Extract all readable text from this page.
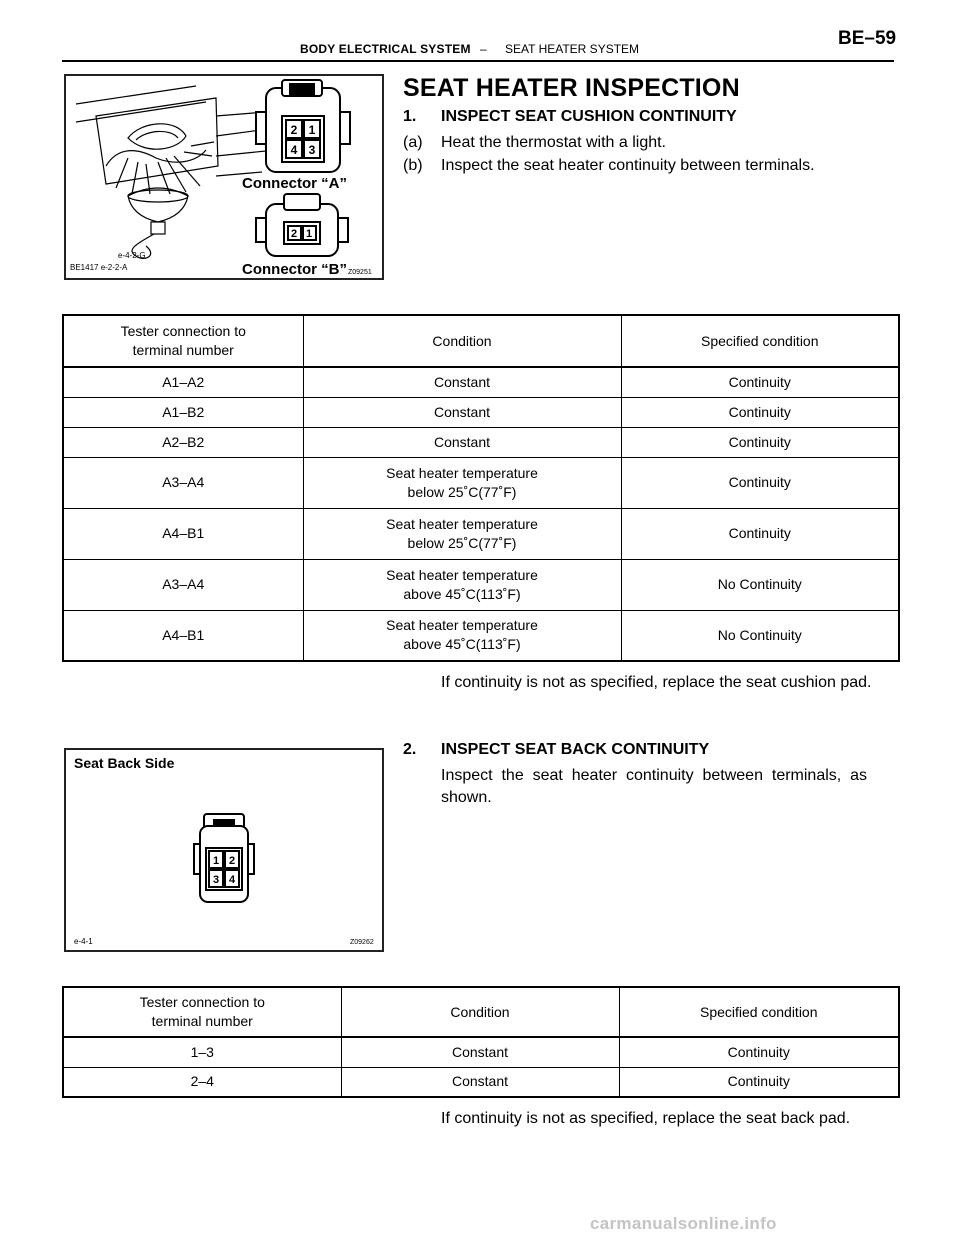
BODY ELECTRICAL SYSTEM – SEAT HEATER SYSTEM	BE–59
2 1
4 3
Connector “A”
2 1
Connector “B”
e-4-2-G
BE1417 e-2-2-A
Z09251
SEAT HEATER INSPECTION
1. INSPECT SEAT CUSHION CONTINUITY
(a) Heat the thermostat with a light.
(b) Inspect the seat heater continuity between terminals.
Tester connection to
terminal number	Condition	Specified condition
A1–A2	Constant	Continuity
A1–B2	Constant	Continuity
A2–B2	Constant	Continuity
A3–A4	Seat heater temperature
below 25˚C(77˚F)	Continuity
A4–B1	Seat heater temperature
below 25˚C(77˚F)	Continuity
A3–A4	Seat heater temperature
above 45˚C(113˚F)	No Continuity
A4–B1	Seat heater temperature
above 45˚C(113˚F)	No Continuity
If continuity is not as specified, replace the seat cushion pad.
Seat Back Side
1 2
3 4
e-4-1	Z09262
2. INSPECT SEAT BACK CONTINUITY
Inspect  the  seat  heater  continuity  between  terminals,  as
shown.
Tester connection to
terminal number	Condition	Specified condition
1–3	Constant	Continuity
2–4	Constant	Continuity
If continuity is not as specified, replace the seat back pad.
carmanualsonline.info
